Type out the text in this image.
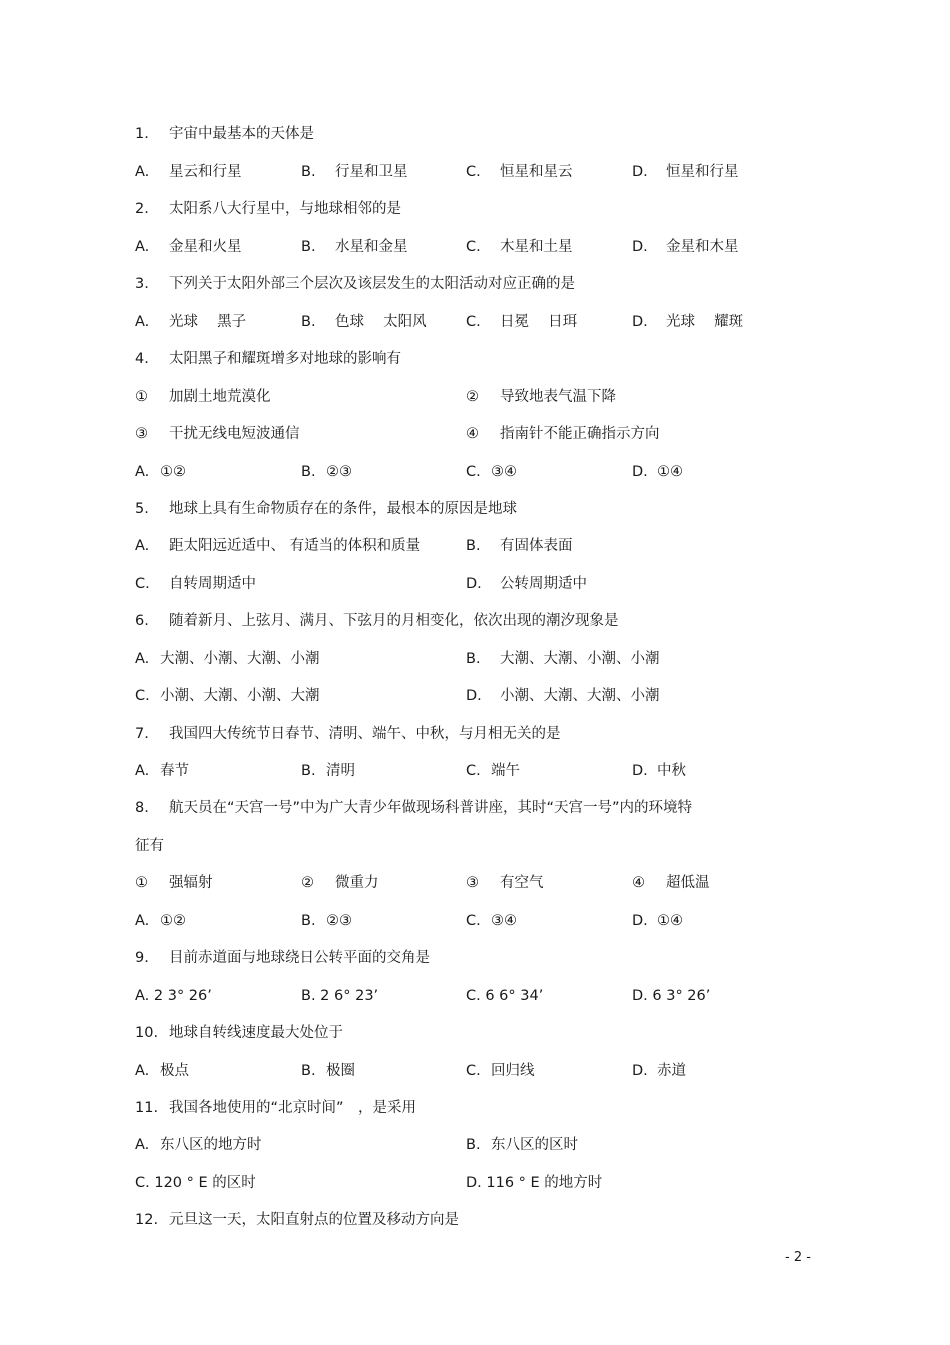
1. 宇宙中最基本的天体是
A. 星云和行星	B. 行星和卫星	C. 恒星和星云	D. 恒星和行星
2. 太阳系八大行星中，与地球相邻的是
A. 金星和火星	B. 水星和金星	C. 木星和土星	D. 金星和木星
3. 下列关于太阳外部三个层次及该层发生的太阳活动对应正确的是
A. 光球　 黑子	B. 色球　 太阳风	C. 日冕　 日珥	D. 光球　 耀斑
4. 太阳黑子和耀斑增多对地球的影响有
① 加剧土地荒漠化	② 导致地表气温下降
③ 干扰无线电短波通信	④ 指南针不能正确指示方向
A. ①②	B. ②③	C. ③④	D. ①④
5. 地球上具有生命物质存在的条件，最根本的原因是地球
A. 距太阳远近适中、 有适当的体积和质量	B. 有固体表面
C. 自转周期适中	D. 公转周期适中
6. 随着新月、上弦月、满月、下弦月的月相变化，依次出现的潮汐现象是
A. 大潮、小潮、大潮、小潮	B. 大潮、大潮、小潮、小潮
C. 小潮、大潮、小潮、大潮	D. 小潮、大潮、大潮、小潮
7. 我国四大传统节日春节、清明、端午、中秋，与月相无关的是
A. 春节	B. 清明	C. 端午	D. 中秋
8. 航天员在“天宫一号”中为广大青少年做现场科普讲座，其时“天宫一号”内的环境特
征有
① 强辐射	② 微重力	③ 有空气	④ 超低温
A. ①②	B. ②③	C. ③④	D. ①④
9. 目前赤道面与地球绕日公转平面的交角是
A. 2 3° 26’	B. 2 6° 23’	C. 6 6° 34’	D. 6 3° 26’
10. 地球自转线速度最大处位于
A. 极点	B. 极圈	C. 回归线	D. 赤道
11. 我国各地使用的“北京时间”　，是采用
A. 东八区的地方时	B. 东八区的区时
C. 120 ° E 的区时	D. 116 ° E 的地方时
12. 元旦这一天，太阳直射点的位置及移动方向是
- 2 -
